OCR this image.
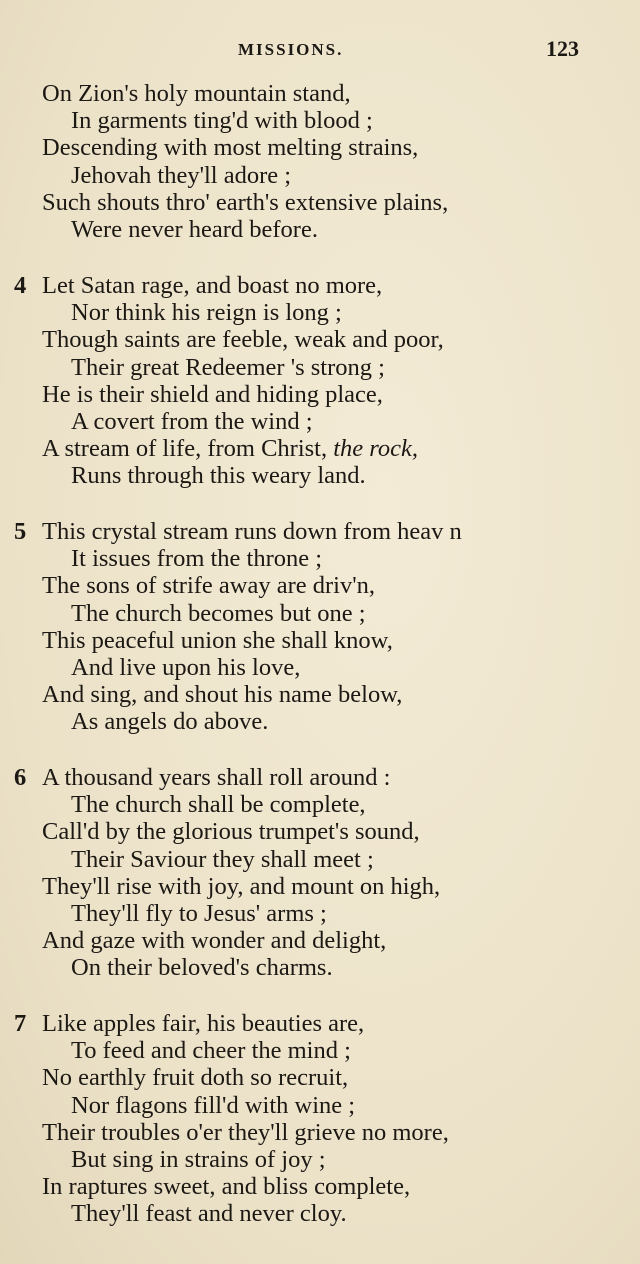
MISSIONS.	123
On Zion's holy mountain stand,
In garments ting'd with blood ;
Descending with most melting strains,
Jehovah they'll adore ;
Such shouts thro' earth's extensive plains,
Were never heard before.
4 Let Satan rage, and boast no more,
Nor think his reign is long ;
Though saints are feeble, weak and poor,
Their great Redeemer 's strong ;
He is their shield and hiding place,
A covert from the wind ;
A stream of life, from Christ, the rock,
Runs through this weary land.
5 This crystal stream runs down from heav n
It issues from the throne ;
The sons of strife away are driv'n,
The church becomes but one ;
This peaceful union she shall know,
And live upon his love,
And sing, and shout his name below,
As angels do above.
6 A thousand years shall roll around :
The church shall be complete,
Call'd by the glorious trumpet's sound,
Their Saviour they shall meet ;
They'll rise with joy, and mount on high,
They'll fly to Jesus' arms ;
And gaze with wonder and delight,
On their beloved's charms.
7 Like apples fair, his beauties are,
To feed and cheer the mind ;
No earthly fruit doth so recruit,
Nor flagons fill'd with wine ;
Their troubles o'er they'll grieve no more,
But sing in strains of joy ;
In raptures sweet, and bliss complete,
They'll feast and never cloy.
